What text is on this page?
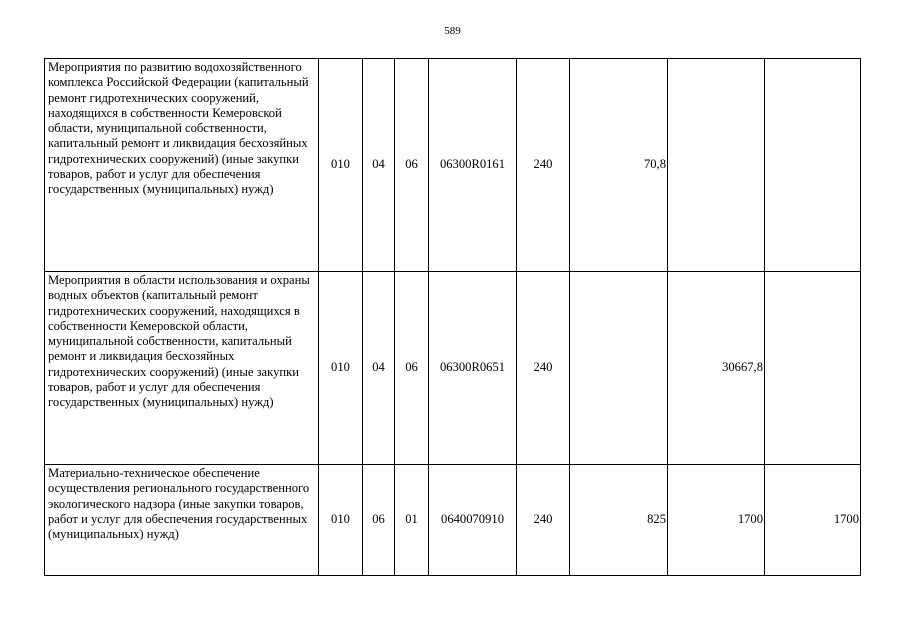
589
Мероприятия по развитию водохозяйственного комплекса Российской Федерации (капитальный ремонт гидротехнических сооружений, находящихся в собственности Кемеровской области, муниципальной собственности, капитальный ремонт и ликвидация бесхозяйных гидротехнических сооружений) (иные закупки товаров, работ и услуг для обеспечения государственных (муниципальных) нужд)	010	04	06	06300R0161	240	70,8		
Мероприятия в области использования и охраны водных объектов (капитальный ремонт гидротехнических сооружений, находящихся в собственности Кемеровской области, муниципальной собственности, капитальный ремонт и ликвидация бесхозяйных гидротехнических сооружений) (иные закупки товаров, работ и услуг для обеспечения государственных (муниципальных) нужд)	010	04	06	06300R0651	240		30667,8	
Материально-техническое обеспечение осуществления регионального государственного экологического надзора (иные закупки товаров, работ и услуг для обеспечения государственных (муниципальных) нужд)	010	06	01	0640070910	240	825	1700	1700
